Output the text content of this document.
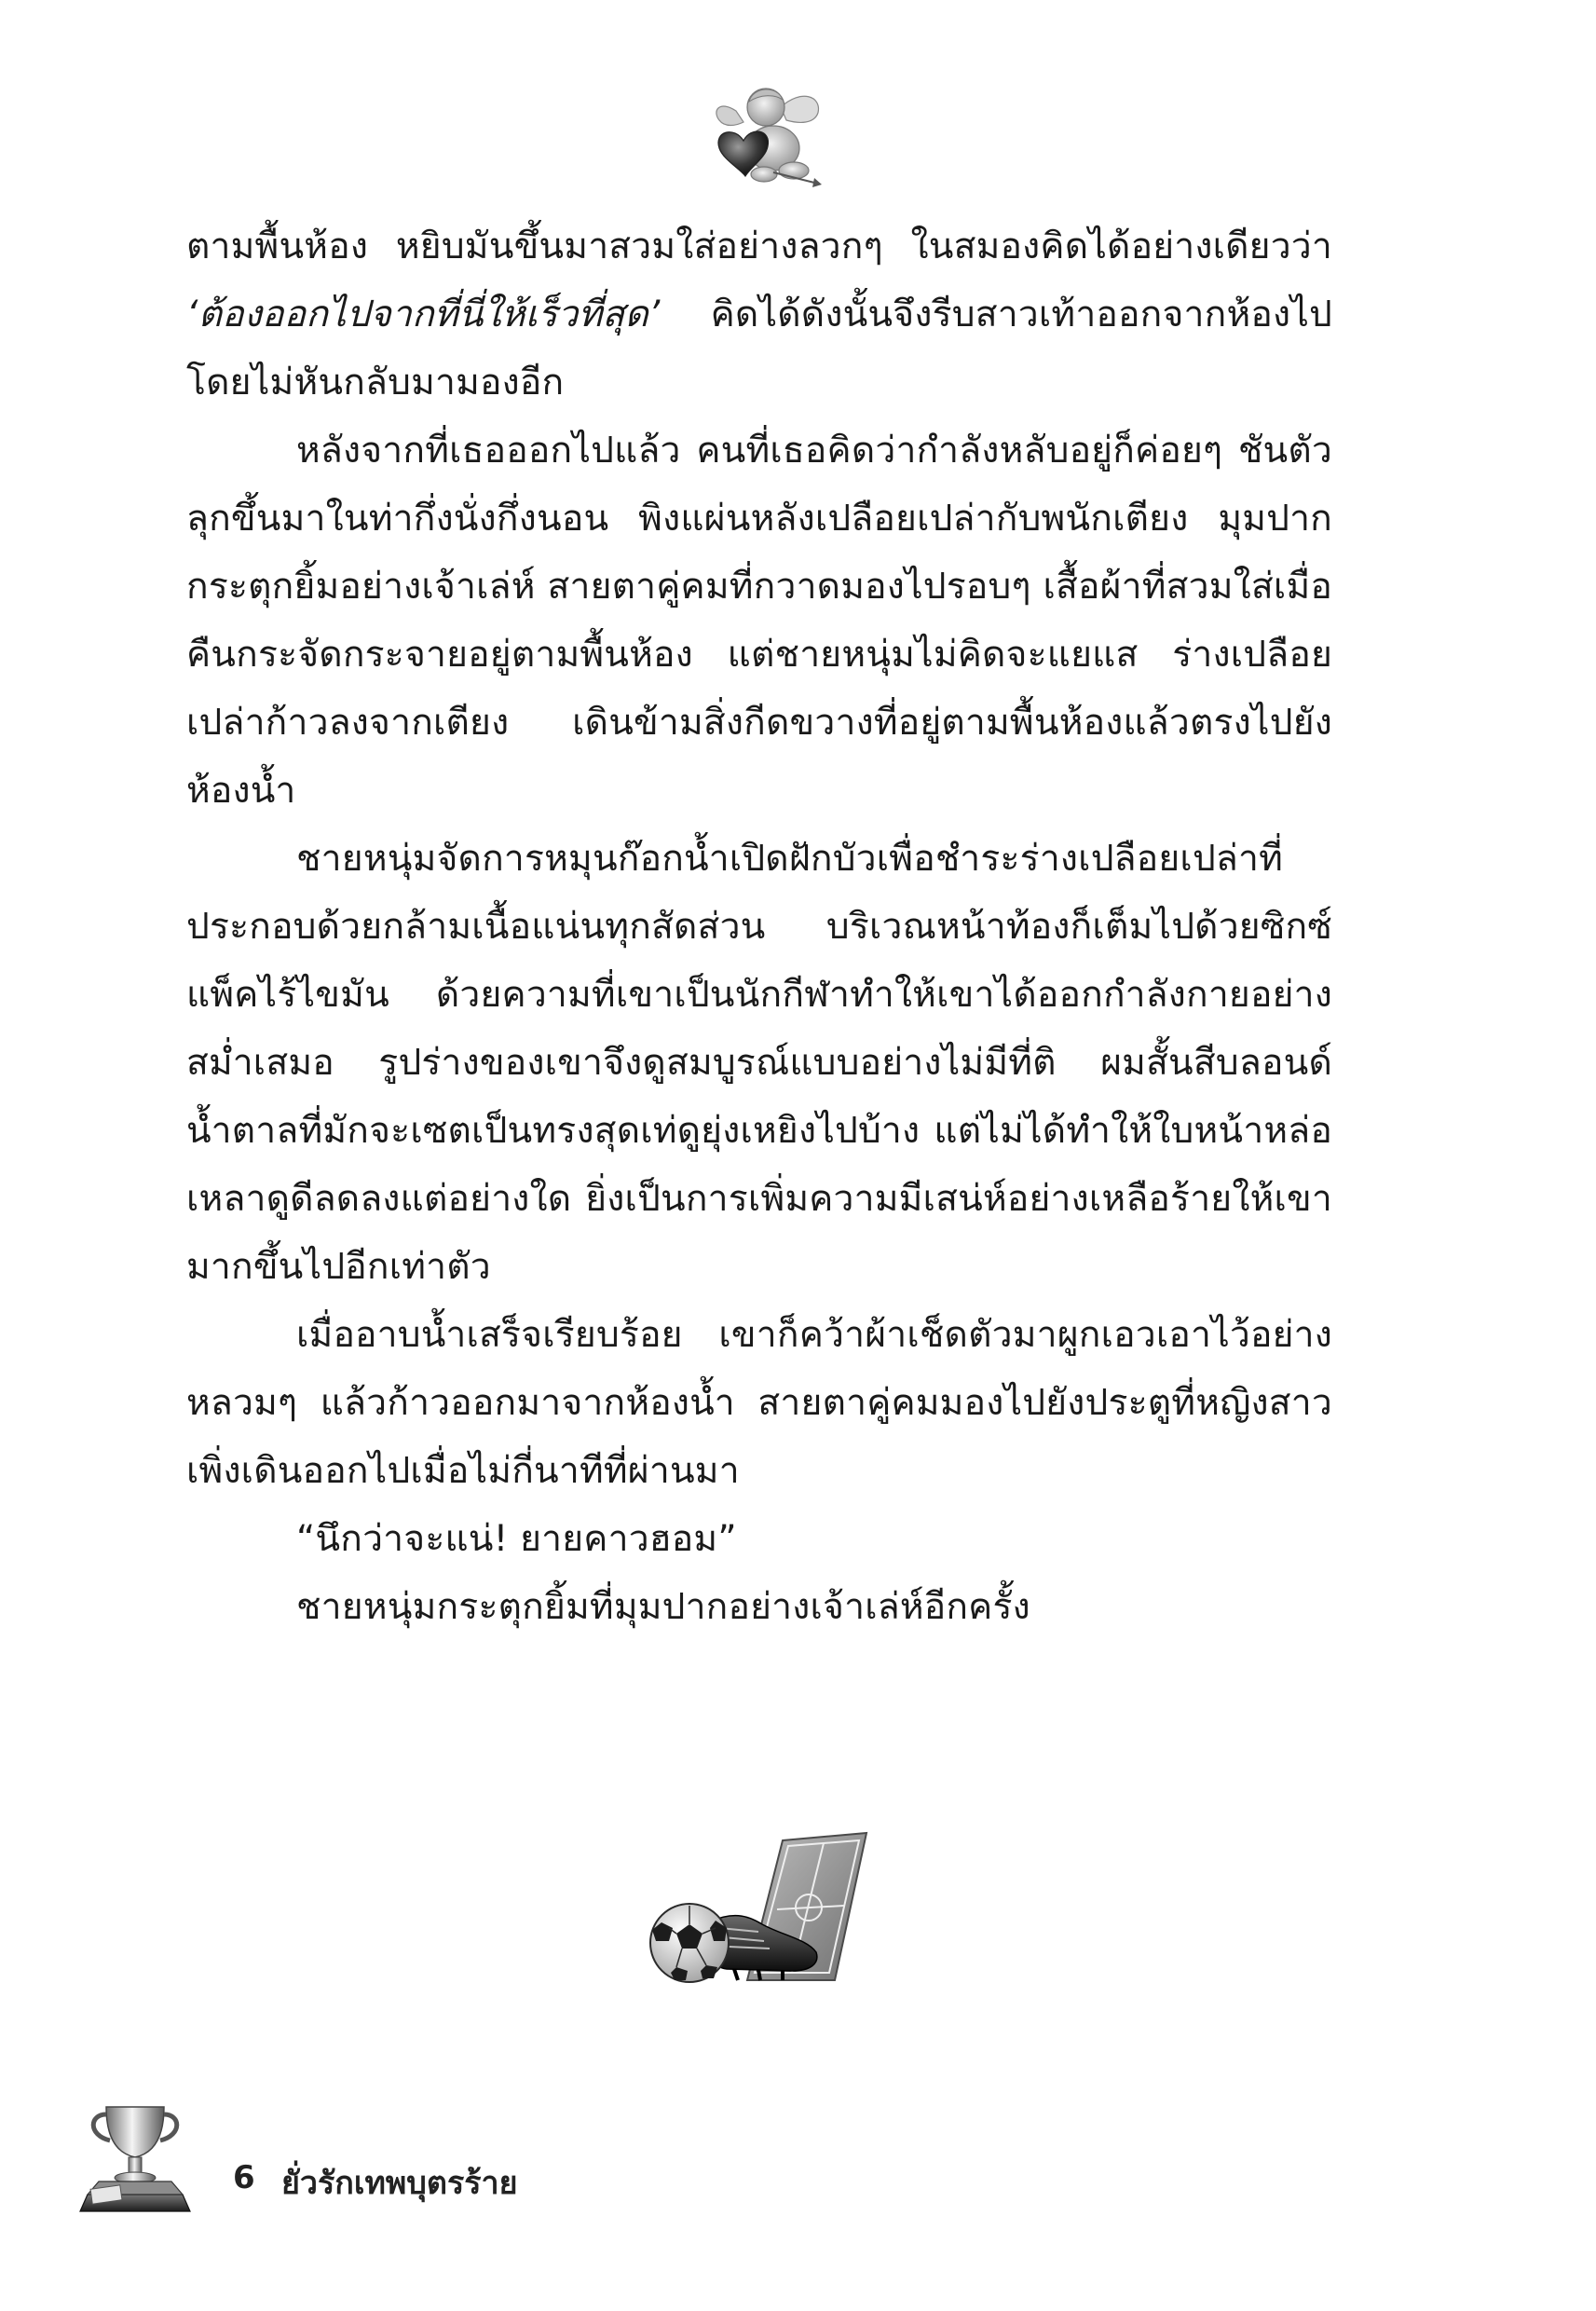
ตามพื้นห้อง หยิบมันขึ้นมาสวมใส่อย่างลวกๆ ในสมองคิดได้อย่างเดียวว่า ‘ต้องออกไปจากที่นี่ให้เร็วที่สุด’ คิดได้ดังนั้นจึงรีบสาวเท้าออกจากห้องไปโดยไม่หันกลับมามองอีก

หลังจากที่เธอออกไปแล้ว คนที่เธอคิดว่ากำลังหลับอยู่ก็ค่อยๆ ชันตัวลุกขึ้นมาในท่ากึ่งนั่งกึ่งนอน พิงแผ่นหลังเปลือยเปล่ากับพนักเตียง มุมปากกระตุกยิ้มอย่างเจ้าเล่ห์ สายตาคู่คมที่กวาดมองไปรอบๆ เสื้อผ้าที่สวมใส่เมื่อคืนกระจัดกระจายอยู่ตามพื้นห้อง แต่ชายหนุ่มไม่คิดจะแยแส ร่างเปลือยเปล่าก้าวลงจากเตียง เดินข้ามสิ่งกีดขวางที่อยู่ตามพื้นห้องแล้วตรงไปยังห้องน้ำ

ชายหนุ่มจัดการหมุนก๊อกน้ำเปิดฝักบัวเพื่อชำระร่างเปลือยเปล่าที่ประกอบด้วยกล้ามเนื้อแน่นทุกสัดส่วน บริเวณหน้าท้องก็เต็มไปด้วยซิกซ์แพ็คไร้ไขมัน ด้วยความที่เขาเป็นนักกีฬาทำให้เขาได้ออกกำลังกายอย่างสม่ำเสมอ รูปร่างของเขาจึงดูสมบูรณ์แบบอย่างไม่มีที่ติ ผมสั้นสีบลอนด์น้ำตาลที่มักจะเซตเป็นทรงสุดเท่ดูยุ่งเหยิงไปบ้าง แต่ไม่ได้ทำให้ใบหน้าหล่อเหลาดูดีลดลงแต่อย่างใด ยิ่งเป็นการเพิ่มความมีเสน่ห์อย่างเหลือร้ายให้เขามากขึ้นไปอีกเท่าตัว

เมื่ออาบน้ำเสร็จเรียบร้อย เขาก็คว้าผ้าเช็ดตัวมาผูกเอวเอาไว้อย่างหลวมๆ แล้วก้าวออกมาจากห้องน้ำ สายตาคู่คมมองไปยังประตูที่หญิงสาวเพิ่งเดินออกไปเมื่อไม่กี่นาทีที่ผ่านมา

“นึกว่าจะแน่! ยายคาวฮอม”

ชายหนุ่มกระตุกยิ้มที่มุมปากอย่างเจ้าเล่ห์อีกครั้ง

6 ยั่วรักเทพบุตรร้าย
